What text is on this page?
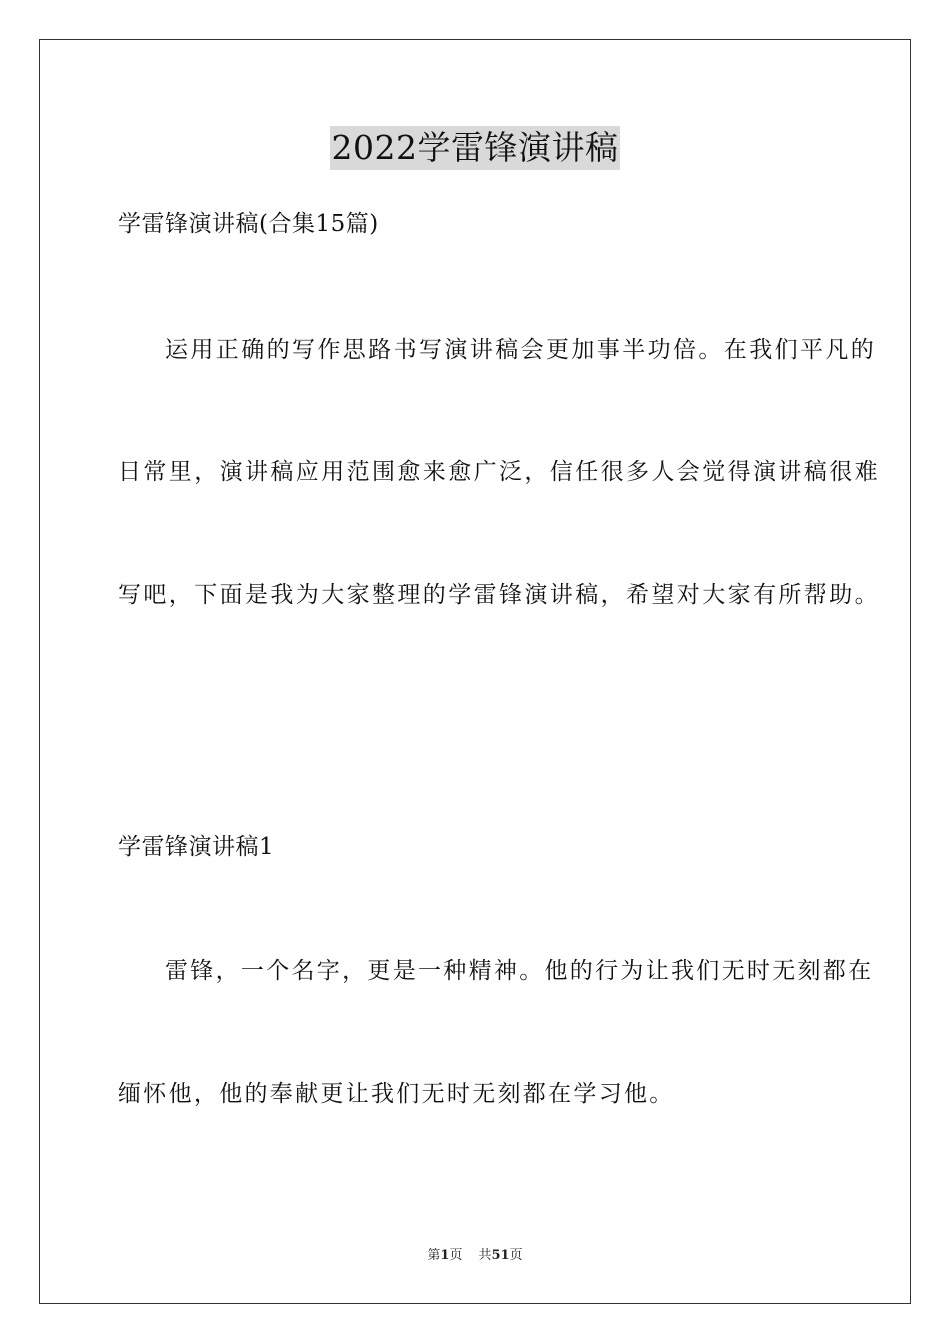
2022学雷锋演讲稿
学雷锋演讲稿(合集15篇)
运用正确的写作思路书写演讲稿会更加事半功倍。在我们平凡的
日常里，演讲稿应用范围愈来愈广泛，信任很多人会觉得演讲稿很难
写吧，下面是我为大家整理的学雷锋演讲稿，希望对大家有所帮助。
学雷锋演讲稿1
雷锋，一个名字，更是一种精神。他的行为让我们无时无刻都在
缅怀他，他的奉献更让我们无时无刻都在学习他。
第1页 共51页
